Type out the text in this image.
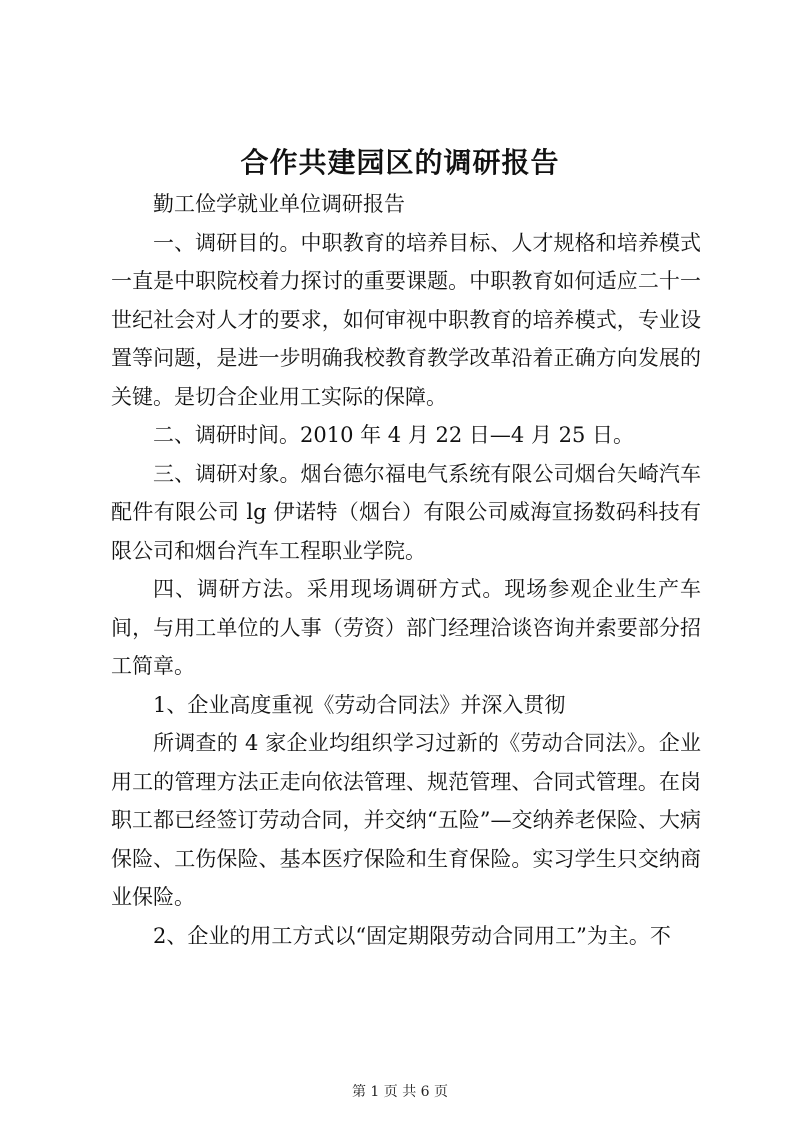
合作共建园区的调研报告

勤工俭学就业单位调研报告

一、调研目的。中职教育的培养目标、人才规格和培养模式一直是中职院校着力探讨的重要课题。中职教育如何适应二十一世纪社会对人才的要求，如何审视中职教育的培养模式，专业设置等问题，是进一步明确我校教育教学改革沿着正确方向发展的关键。是切合企业用工实际的保障。

二、调研时间。2010 年 4 月 22 日—4 月 25 日。

三、调研对象。烟台德尔福电气系统有限公司烟台矢崎汽车配件有限公司 lg 伊诺特（烟台）有限公司威海宣扬数码科技有限公司和烟台汽车工程职业学院。

四、调研方法。采用现场调研方式。现场参观企业生产车间，与用工单位的人事（劳资）部门经理洽谈咨询并索要部分招工简章。

1、企业高度重视《劳动合同法》并深入贯彻

所调查的 4 家企业均组织学习过新的《劳动合同法》。企业用工的管理方法正走向依法管理、规范管理、合同式管理。在岗职工都已经签订劳动合同，并交纳“五险”—交纳养老保险、大病保险、工伤保险、基本医疗保险和生育保险。实习学生只交纳商业保险。

2、企业的用工方式以“固定期限劳动合同用工”为主。不

第 1 页 共 6 页
